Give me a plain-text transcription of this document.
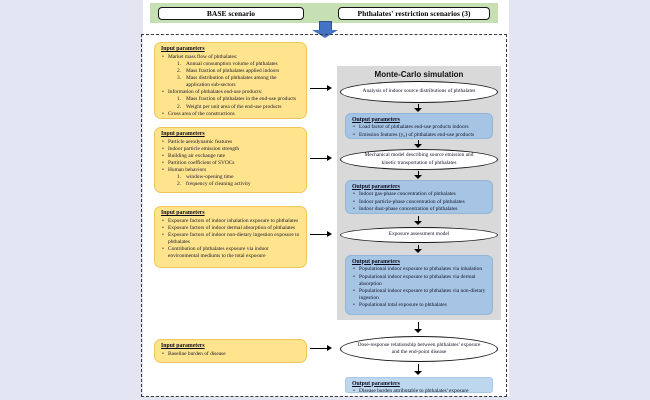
BASE scenario	Phthalates' restriction scenarios (3)
Monte-Carlo simulation
Input parameters
• Market mass flow of phthalates:
Annual consumption volume of phthalates
Mass fraction of phthalates applied indoors
Mass distribution of phthalates among the application sub-sectors
• Information of phthalates end-use products:
Mass fraction of phthalates in the end-use products
Weight per unit area of the end-use products
• Gross area of the constructions
Input parameters
• Particle aerodynamic features
• Indoor particle emission strength
• Building air exchange rate
• Partition coefficient of SVOCs
• Human behaviors
window-opening time
frequency of cleaning activity
Input parameters
• Exposure factors of indoor inhalation exposure to phthalates
• Exposure factors of indoor dermal absorption of phthalates
• Exposure factors of indoor non-dietary ingestion exposure to phthalates
• Contribution of phthalates exposure via indoor environmental mediums to the total exposure
Input parameters
• Baseline burden of disease
Analysis of indoor source distributions of phthalates
Output parameters
• Load factor of phthalates end-use products indoors
• Emission features (y₀) of phthalates end-use products
Mechanical model describing source emission and kinetic transportation of phthalates
Output parameters
• Indoor gas-phase concentration of phthalates
• Indoor particle-phase concentration of phthalates
• Indoor dust-phase concentration of phthalates
Exposure assessment model
Output parameters
• Populational indoor exposure to phthalates via inhalation
• Populational indoor exposure to phthalates via dermal absorption
• Populational indoor exposure to phthalates via non-dietary ingestion
• Populational total exposure to phthalates
Dose-response relationship between phthalates' exposure and the end-point disease
Output parameters
• Disease burden attributable to phthalates' exposure
